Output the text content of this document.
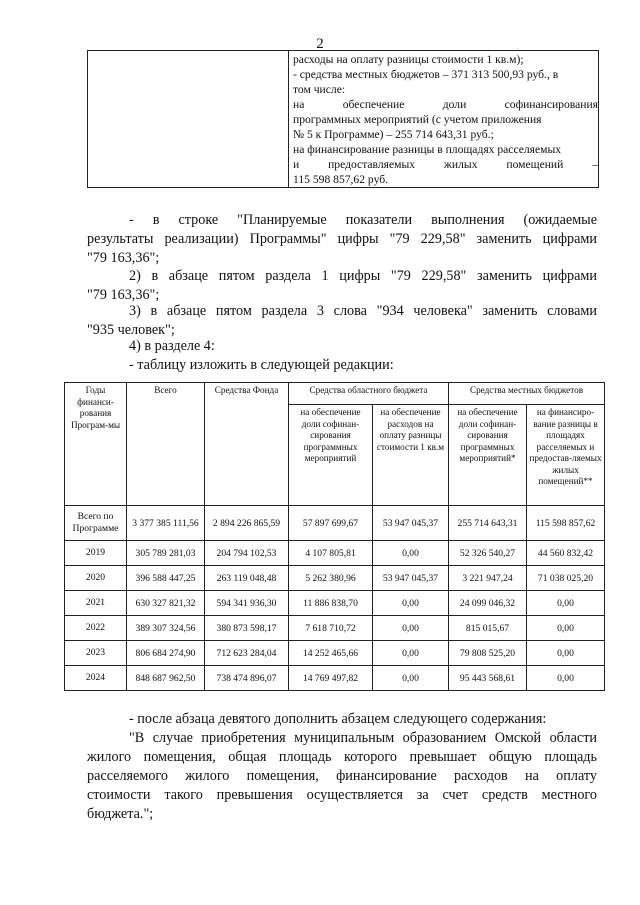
2

расходы на оплату разницы стоимости 1 кв.м);
- средства местных бюджетов – 371 313 500,93 руб., в
том числе:
на обеспечение доли софинансирования
программных мероприятий (с учетом приложения
№ 5 к Программе) – 255 714 643,31 руб.;
на финансирование разницы в площадях расселяемых
и предоставляемых жилых помещений –
115 598 857,62 руб.
- в строке "Планируемые показатели выполнения (ожидаемые
результаты реализации) Программы" цифры "79 229,58" заменить цифрами
"79 163,36";
2) в абзаце пятом раздела 1 цифры "79 229,58" заменить цифрами
"79 163,36";
3) в абзаце пятом раздела 3 слова "934 человека" заменить словами
"935 человек";
4) в разделе 4:
- таблицу изложить в следующей редакции:
Годы финанси-рования Програм-мы	Всего	Средства Фонда	Средства областного бюджета		Средства местных бюджетов	
			на обеспечение доли софинан-сирования программных мероприятий	на обеспечение расходов на оплату разницы стоимости 1 кв.м	на обеспечение доли софинан-сирования программных мероприятий*	на финансиро-вание разницы в площадях расселяемых и предостав-ляемых жилых помещений**
Всего по Программе	3 377 385 111,56	2 894 226 865,59	57 897 699,67	53 947 045,37	255 714 643,31	115 598 857,62
2019	305 789 281,03	204 794 102,53	4 107 805,81	0,00	52 326 540,27	44 560 832,42
2020	396 588 447,25	263 119 048,48	5 262 380,96	53 947 045,37	3 221 947,24	71 038 025,20
2021	630 327 821,32	594 341 936,30	11 886 838,70	0,00	24 099 046,32	0,00
2022	389 307 324,56	380 873 598,17	7 618 710,72	0,00	815 015,67	0,00
2023	806 684 274,90	712 623 284,04	14 252 465,66	0,00	79 808 525,20	0,00
2024	848 687 962,50	738 474 896,07	14 769 497,82	0,00	95 443 568,61	0,00
- после абзаца девятого дополнить абзацем следующего содержания:
"В случае приобретения муниципальным образованием Омской области
жилого помещения, общая площадь которого превышает общую площадь
расселяемого жилого помещения, финансирование расходов на оплату
стоимости такого превышения осуществляется за счет средств местного
бюджета.";
